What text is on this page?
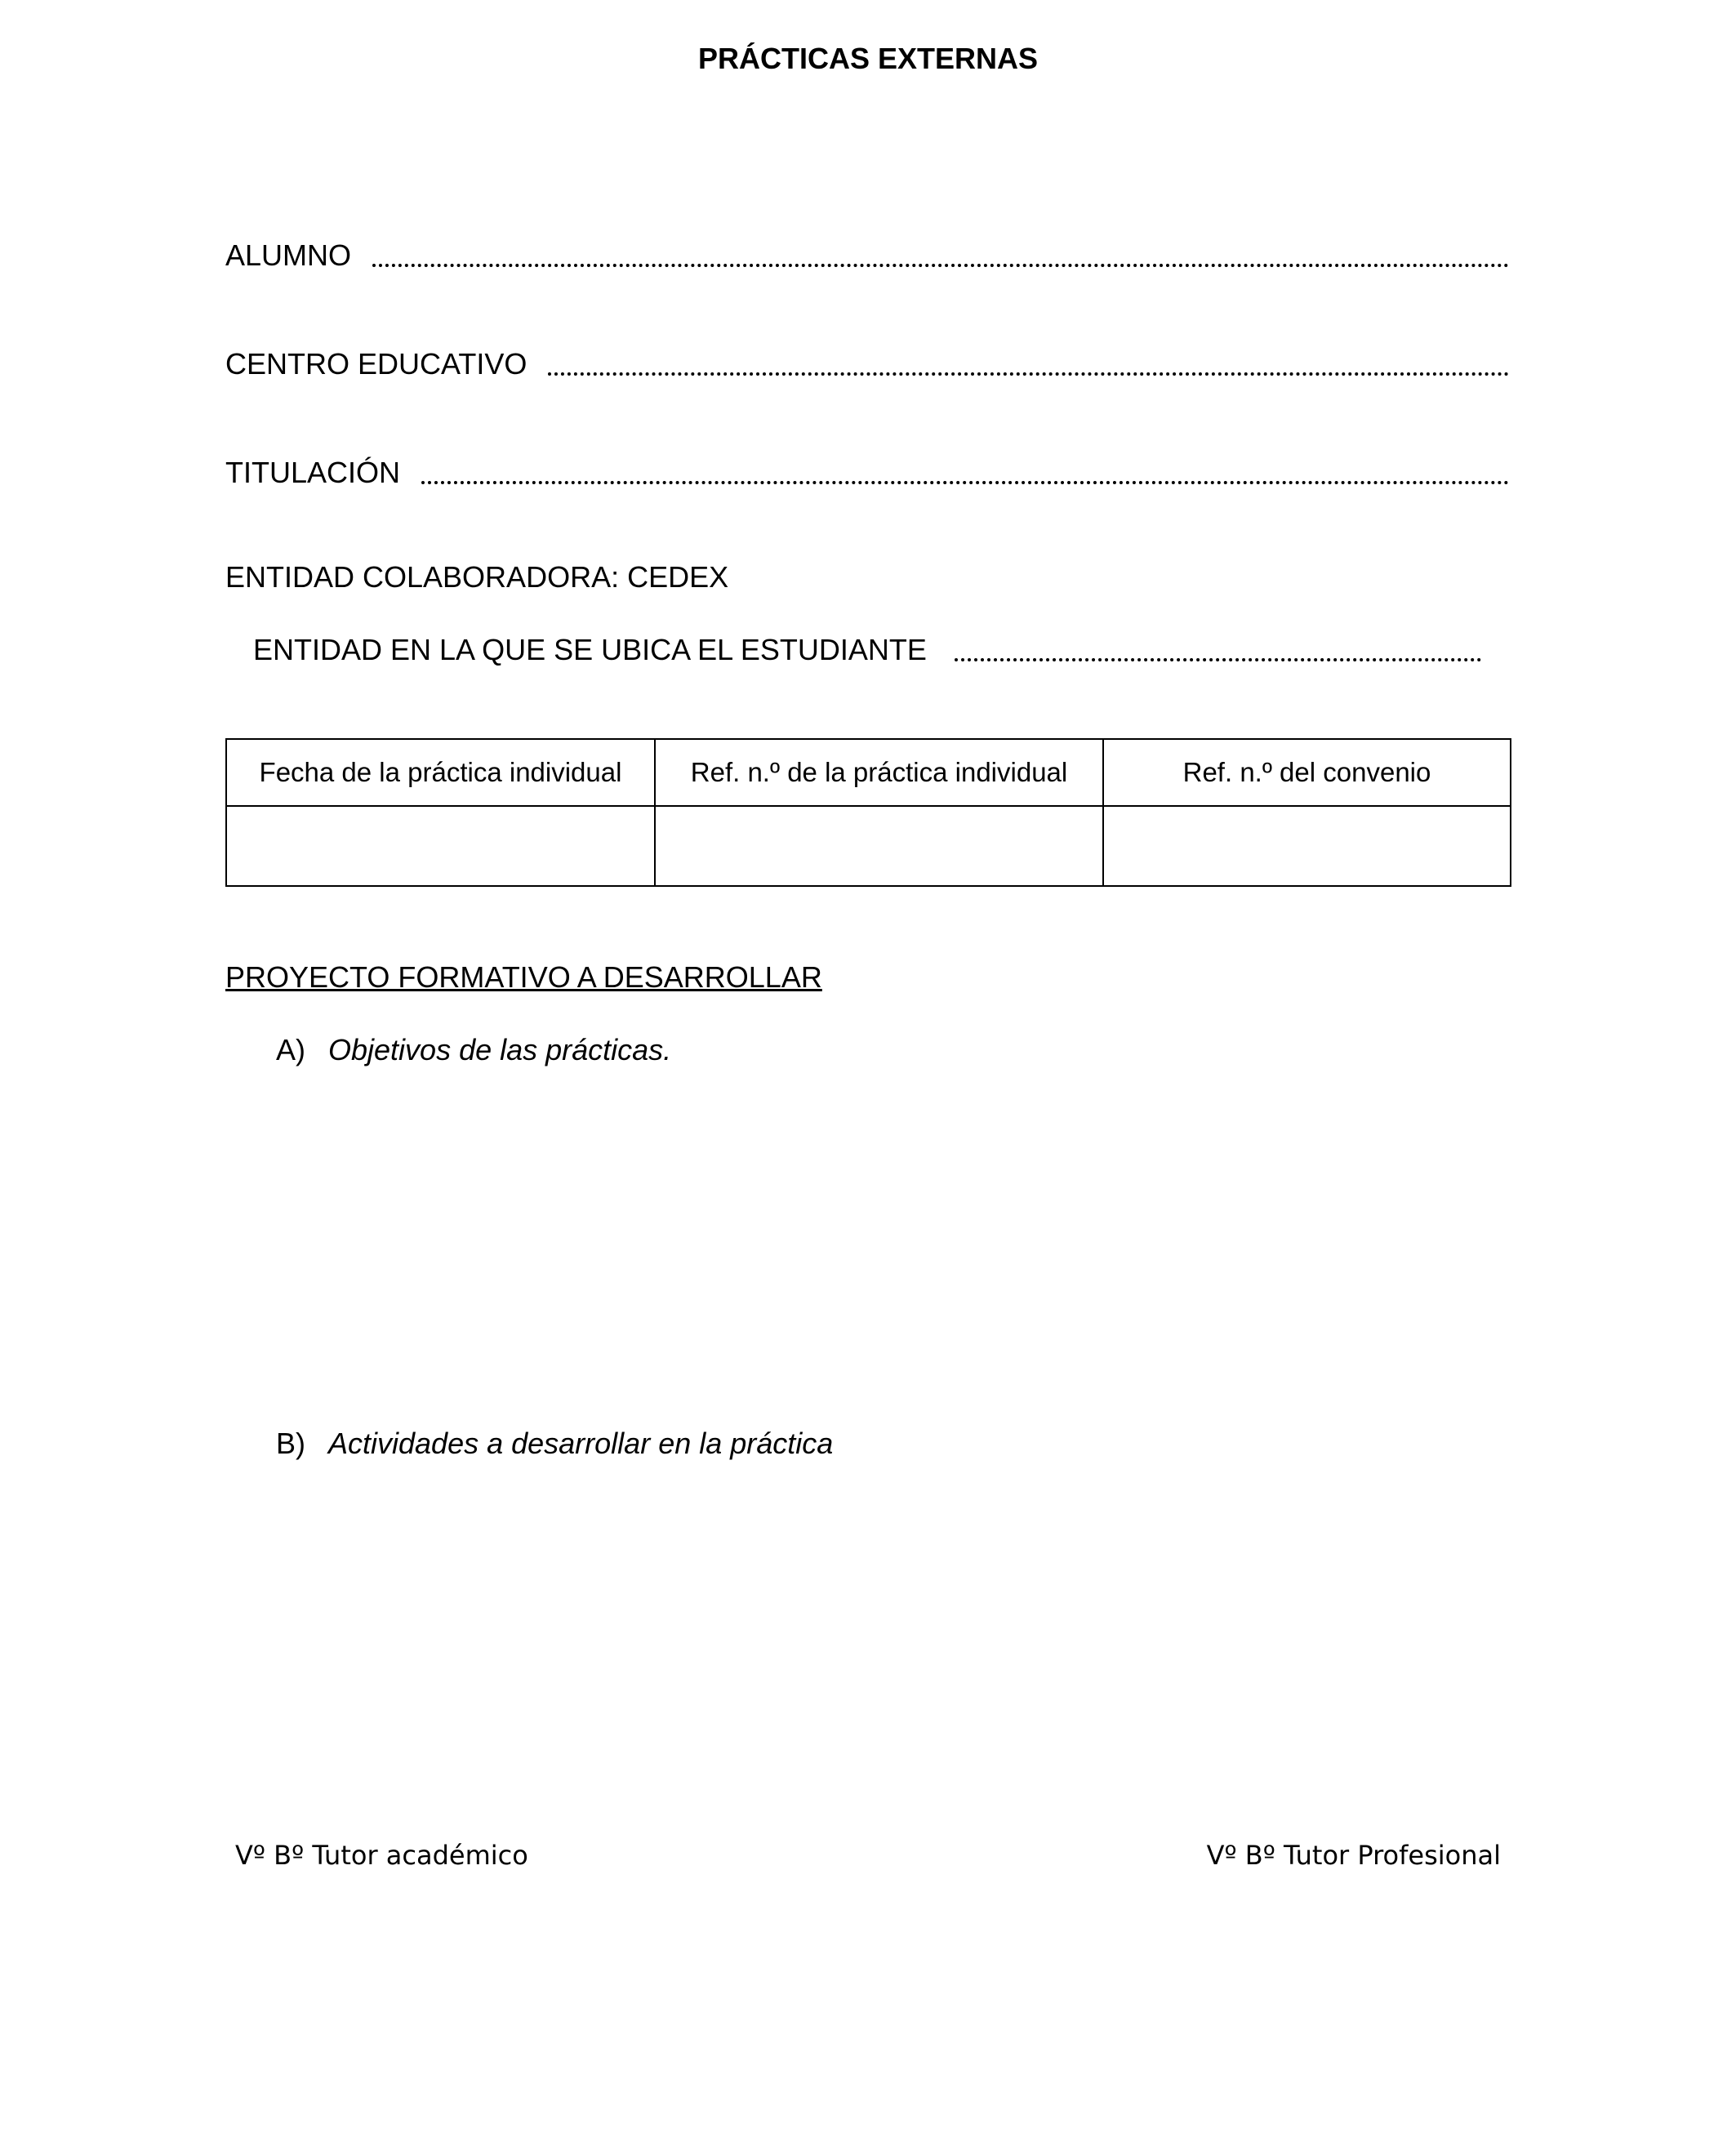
PRÁCTICAS EXTERNAS
ALUMNO
CENTRO EDUCATIVO
TITULACIÓN
ENTIDAD COLABORADORA: CEDEX
ENTIDAD EN LA QUE SE UBICA EL ESTUDIANTE
Fecha de la práctica individual	Ref. n.º de la práctica individual	Ref. n.º del convenio

PROYECTO FORMATIVO A DESARROLLAR
A) Objetivos de las prácticas.
B) Actividades a desarrollar en la práctica
Vº Bº Tutor académico	Vº Bº Tutor Profesional
